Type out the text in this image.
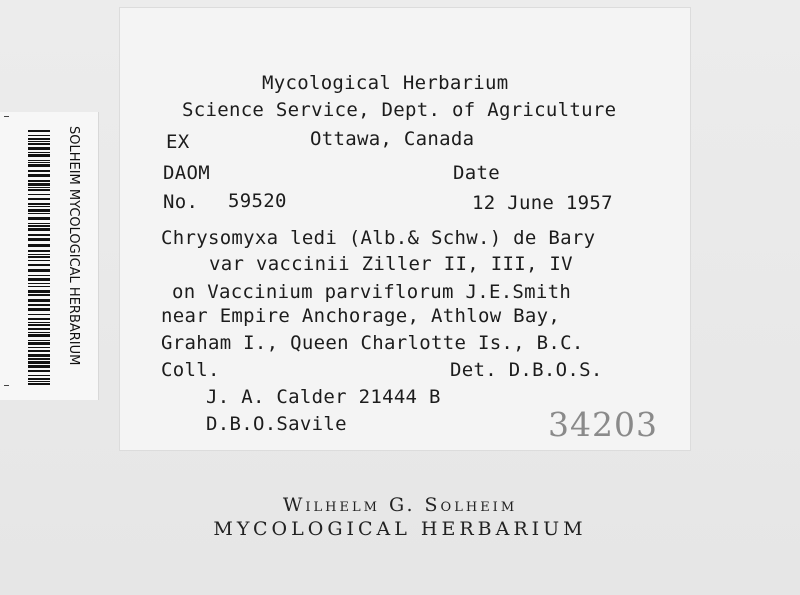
SOLHEIM MYCOLOGICAL HERBARIUM
Mycological Herbarium
Science Service, Dept. of Agriculture
EX	Ottawa, Canada
DAOM	Date
No. 59520	12 June 1957
Chrysomyxa ledi (Alb.& Schw.) de Bary
var vaccinii Ziller II, III, IV
on Vaccinium parviflorum J.E.Smith
near Empire Anchorage, Athlow Bay,
Graham I., Queen Charlotte Is., B.C.
Coll.	Det. D.B.O.S.
J. A. Calder 21444 B
D.B.O.Savile	34203
Wilhelm G. Solheim
MYCOLOGICAL HERBARIUM
